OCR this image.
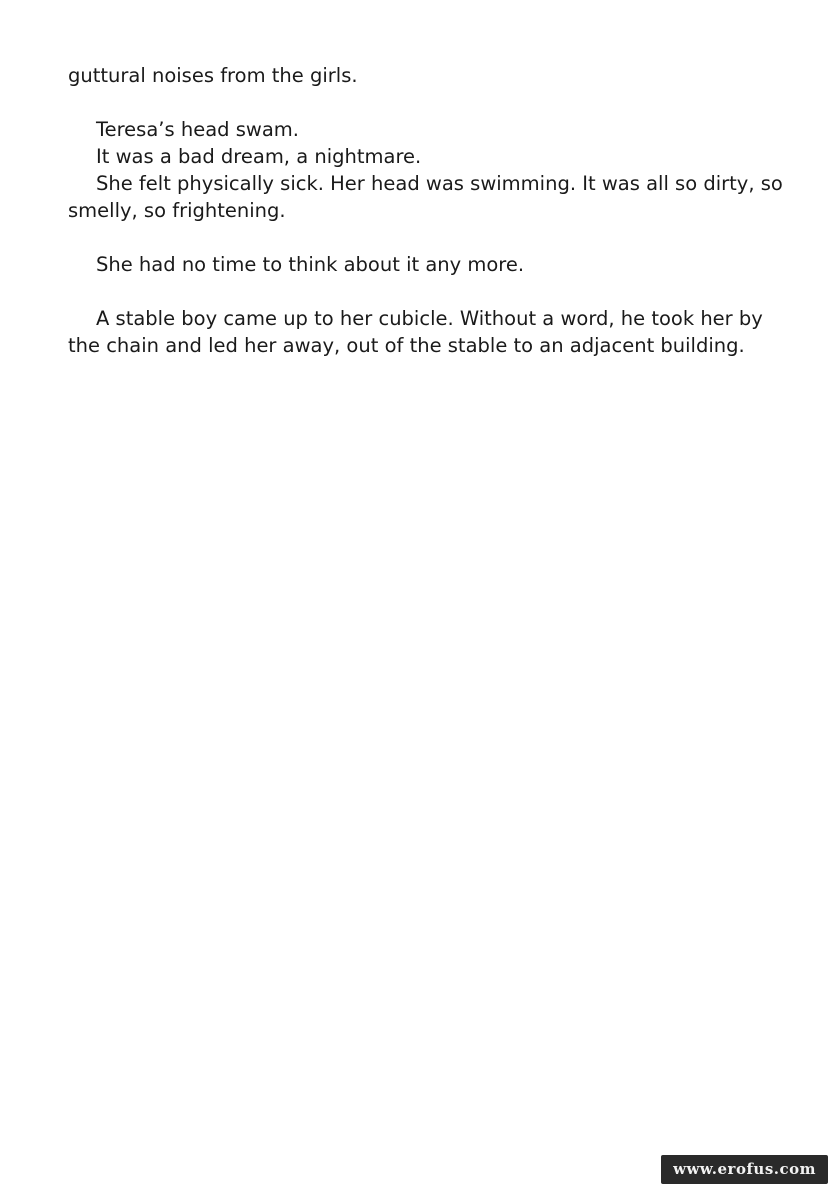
guttural noises from the girls.

Teresa’s head swam.

It was a bad dream, a nightmare.

She felt physically sick. Her head was swimming. It was all so dirty, so smelly, so frightening.

She had no time to think about it any more.

A stable boy came up to her cubicle. Without a word, he took her by the chain and led her away, out of the stable to an adjacent building.

www.erofus.com
